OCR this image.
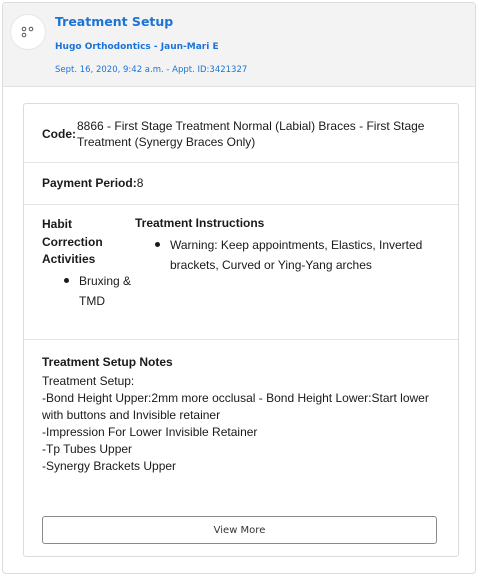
Treatment Setup
Hugo Orthodontics - Jaun-Mari E
Sept. 16, 2020, 9:42 a.m. - Appt. ID:3421327
Code:
8866 - First Stage Treatment Normal (Labial) Braces - First Stage Treatment (Synergy Braces Only)
Payment Period:8
Habit Correction Activities
Bruxing & TMD
Treatment Instructions
Warning: Keep appointments, Elastics, Inverted brackets, Curved or Ying-Yang arches
Treatment Setup Notes
Treatment Setup:
-Bond Height Upper:2mm more occlusal - Bond Height Lower:Start lower with buttons and Invisible retainer
-Impression For Lower Invisible Retainer
-Tp Tubes Upper
-Synergy Brackets Upper
View More
